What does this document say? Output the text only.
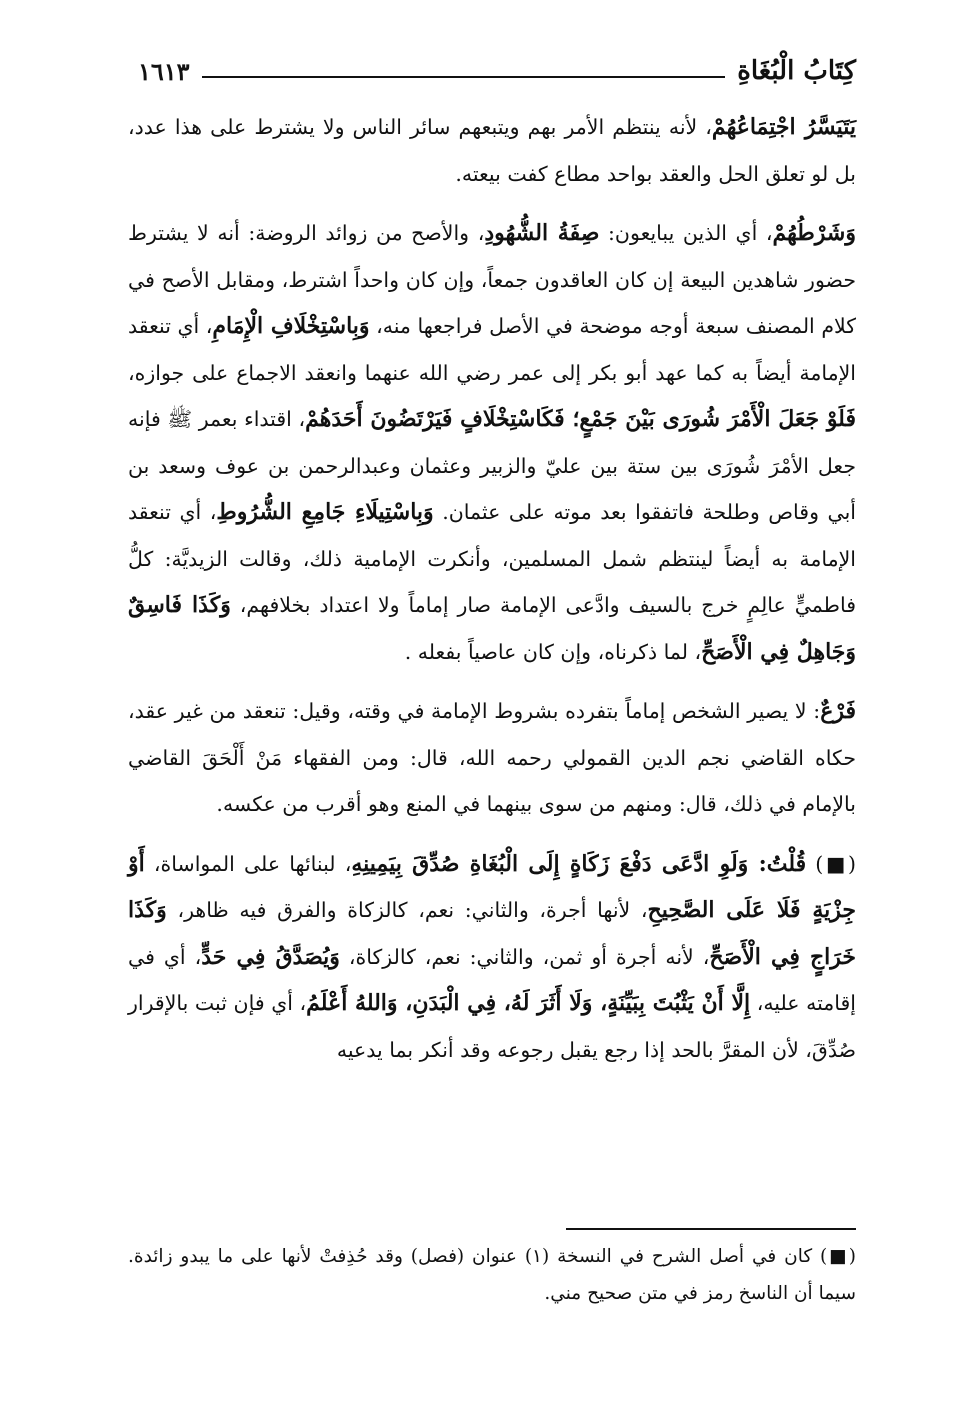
كِتَابُ الْبُغَاةِ
١٦١٣

يَتَيَسَّرُ اجْتِمَاعُهُمْ، لأنه ينتظم الأمر بهم ويتبعهم سائر الناس ولا يشترط على هذا عدد، بل لو تعلق الحل والعقد بواحد مطاع كفت بيعته.

وَشَرْطُهُمْ، أي الذين يبايعون: صِفَةُ الشُّهُودِ، والأصح من زوائد الروضة: أنه لا يشترط حضور شاهدين البيعة إن كان العاقدون جمعاً، وإن كان واحداً اشترط، ومقابل الأصح في كلام المصنف سبعة أوجه موضحة في الأصل فراجعها منه، وَبِاسْتِخْلَافِ الْإِمَامِ، أي تنعقد الإمامة أيضاً به كما عهد أبو بكر إلى عمر رضي الله عنهما وانعقد الاجماع على جوازه، فَلَوْ جَعَلَ الْأَمْرَ شُورَى بَيْنَ جَمْعٍ؛ فَكَاسْتِخْلَافٍ فَيَرْتَضُونَ أَحَدَهُمْ، اقتداء بعمر ﷺ فإنه جعل الأمْرَ شُورَى بين ستة بين عليّ والزبير وعثمان وعبدالرحمن بن عوف وسعد بن أبي وقاص وطلحة فاتفقوا بعد موته على عثمان. وَبِاسْتِيلَاءِ جَامِعِ الشُّرُوطِ، أي تنعقد الإمامة به أيضاً لينتظم شمل المسلمين، وأنكرت الإمامية ذلك، وقالت الزيديَّة: كلُّ فاطميٍّ عالِمٍ خرج بالسيف وادَّعى الإمامة صار إماماً ولا اعتداد بخلافهم، وَكَذَا فَاسِقٌ وَجَاهِلٌ فِي الْأَصَحِّ، لما ذكرناه، وإن كان عاصياً بفعله .

فَرْعٌ: لا يصير الشخص إماماً بتفرده بشروط الإمامة في وقته، وقيل: تنعقد من غير عقد، حكاه القاضي نجم الدين القمولي رحمه الله، قال: ومن الفقهاء مَنْ أَلْحَقَ القاضي بالإمام في ذلك، قال: ومنهم من سوى بينهما في المنع وهو أقرب من عكسه.

(■) قُلْتُ: وَلَوِ ادَّعَى دَفْعَ زَكَاةٍ إِلَى الْبُغَاةِ صُدِّقَ بِيَمِينِهِ، لبنائها على المواساة، أَوْ جِزْيَةٍ فَلَا عَلَى الصَّحِيحِ، لأنها أجرة، والثاني: نعم، كالزكاة والفرق فيه ظاهر، وَكَذَا خَرَاجٍ فِي الْأَصَحِّ، لأنه أجرة أو ثمن، والثاني: نعم، كالزكاة، وَيُصَدَّقُ فِي حَدٍّ، أي في إقامته عليه، إِلَّا أَنْ يَثْبُتَ بِبَيِّنَةٍ، وَلَا أَثَرَ لَهُ، فِي الْبَدَنِ، وَاللهُ أَعْلَمُ، أي فإن ثبت بالإقرار صُدِّقَ، لأن المقرَّ بالحد إذا رجع يقبل رجوعه وقد أنكر بما يدعيه

(■) كان في أصل الشرح في النسخة (١) عنوان (فصل) وقد حُذِفتْ لأنها على ما يبدو زائدة. سيما أن الناسخ رمز في متن صحيح مني.
